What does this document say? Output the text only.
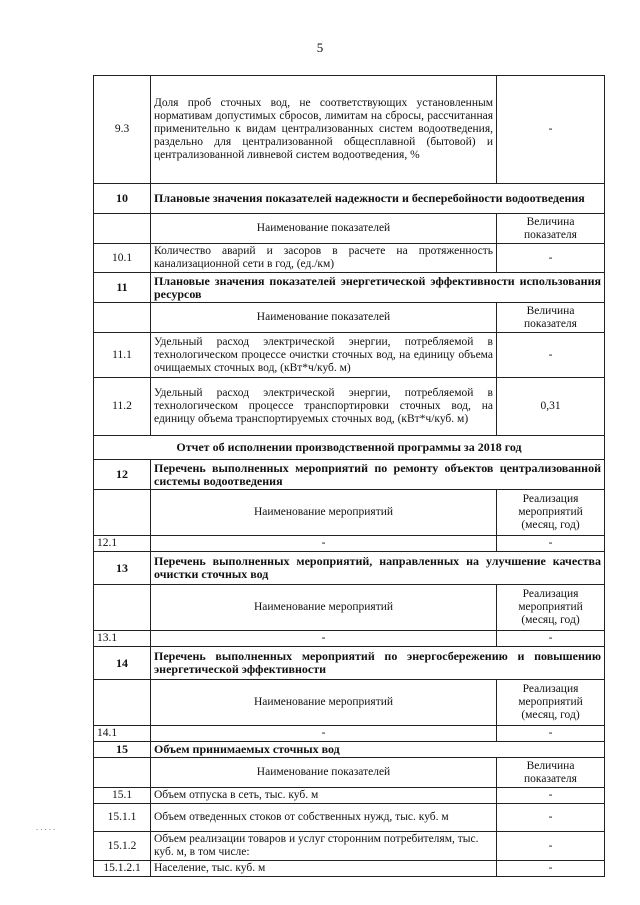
5
9.3	Доля проб сточных вод, не соответствующих установленным нормативам допустимых сбросов, лимитам на сбросы, рассчитанная применительно к видам централизованных систем водоотведения, раздельно для централизованной общесплавной (бытовой) и централизованной ливневой систем водоотведения, %	-
10	Плановые значения показателей надежности и бесперебойности водоотведения	
	Наименование показателей	Величина показателя
10.1	Количество аварий и засоров в расчете на протяженность канализационной сети в год, (ед./км)	-
11	Плановые значения показателей энергетической эффективности использования ресурсов	
	Наименование показателей	Величина показателя
11.1	Удельный расход электрической энергии, потребляемой в технологическом процессе очистки сточных вод, на единицу объема очищаемых сточных вод, (кВт*ч/куб. м)	-
11.2	Удельный расход электрической энергии, потребляемой в технологическом процессе транспортировки сточных вод, на единицу объема транспортируемых сточных вод, (кВт*ч/куб. м)	0,31
Отчет об исполнении производственной программы за 2018 год		
12	Перечень выполненных мероприятий по ремонту объектов централизованной системы водоотведения	
	Наименование мероприятий	Реализация мероприятий (месяц, год)
12.1	-	-
13	Перечень выполненных мероприятий, направленных на улучшение качества очистки сточных вод	
	Наименование мероприятий	Реализация мероприятий (месяц, год)
13.1	-	-
14	Перечень выполненных мероприятий по энергосбережению и повышению энергетической эффективности	
	Наименование мероприятий	Реализация мероприятий (месяц, год)
14.1	-	-
15	Объем принимаемых сточных вод	
	Наименование показателей	Величина показателя
15.1	Объем отпуска в сеть, тыс. куб. м	-
15.1.1	Объем отведенных стоков от собственных нужд, тыс. куб. м	-
15.1.2	Объем реализации товаров и услуг сторонним потребителям, тыс. куб. м, в том числе:	-
15.1.2.1	Население, тыс. куб. м	-
.....
